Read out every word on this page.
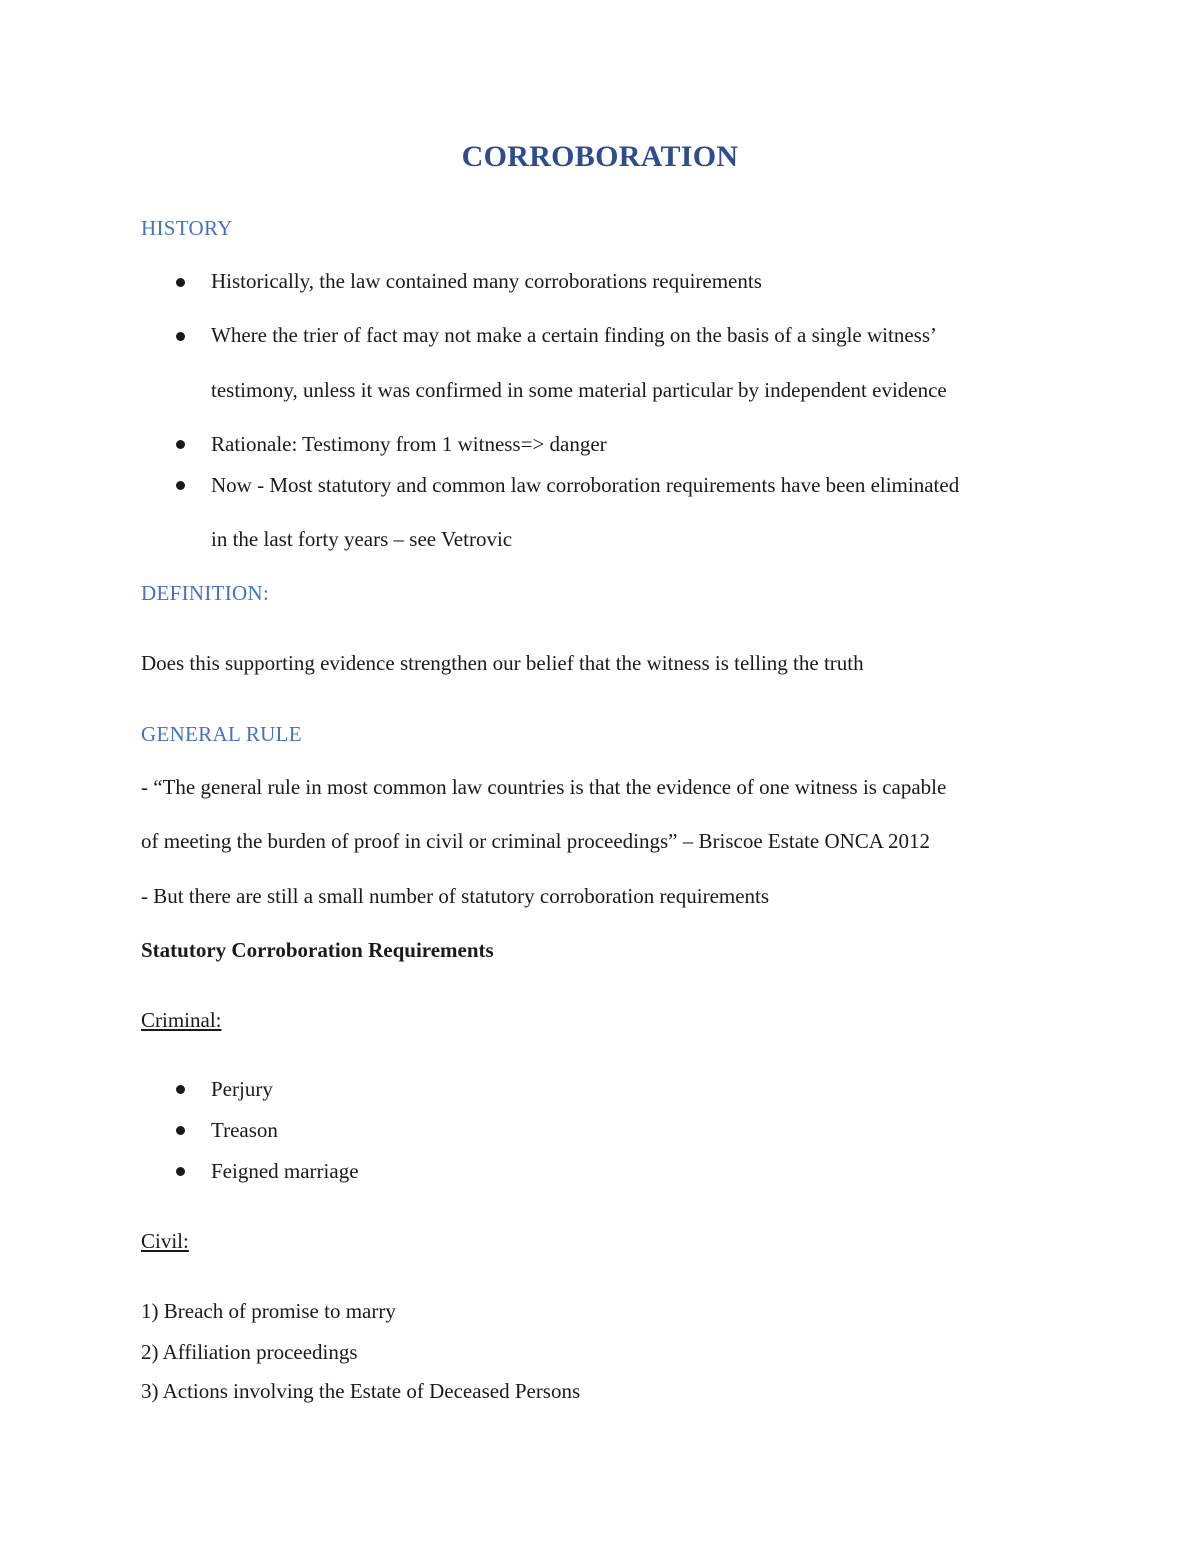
CORROBORATION
HISTORY
Historically, the law contained many corroborations requirements
Where the trier of fact may not make a certain finding on the basis of a single witness’
testimony, unless it was confirmed in some material particular by independent evidence
Rationale: Testimony from 1 witness=> danger
Now - Most statutory and common law corroboration requirements have been eliminated
in the last forty years – see Vetrovic
DEFINITION:
Does this supporting evidence strengthen our belief that the witness is telling the truth
GENERAL RULE
- “The general rule in most common law countries is that the evidence of one witness is capable
of meeting the burden of proof in civil or criminal proceedings” – Briscoe Estate ONCA 2012
- But there are still a small number of statutory corroboration requirements
Statutory Corroboration Requirements
Criminal:
Perjury
Treason
Feigned marriage
Civil:
1) Breach of promise to marry
2) Affiliation proceedings
3) Actions involving the Estate of Deceased Persons
